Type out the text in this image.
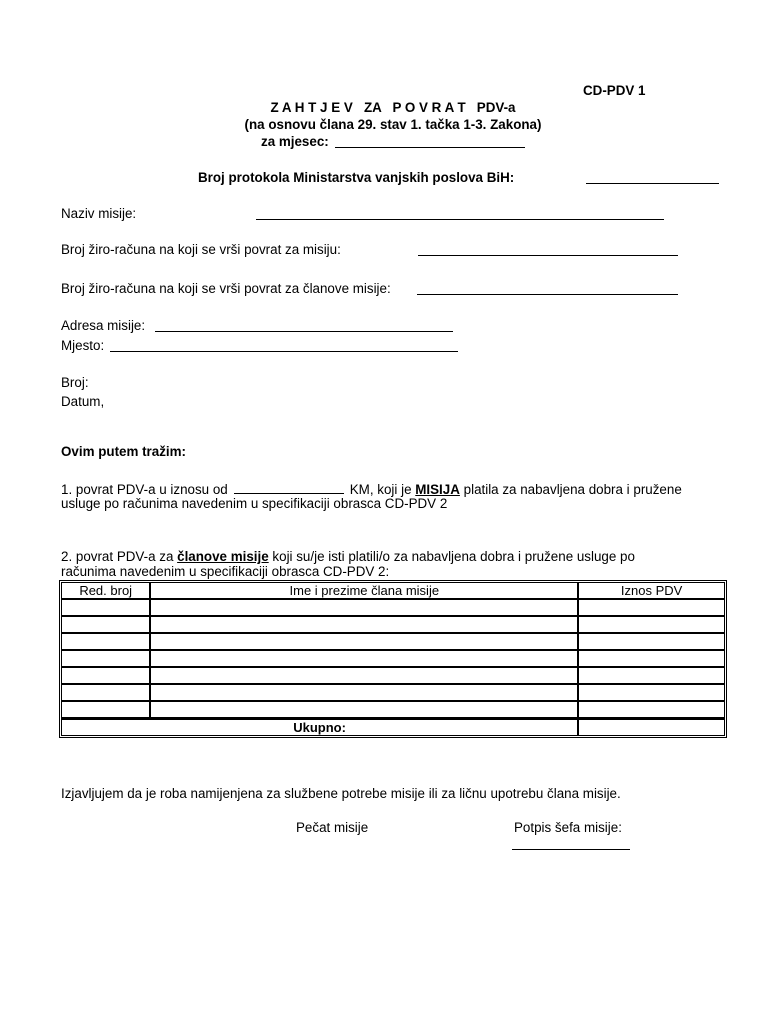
CD-PDV 1
Z A H T J E V   ZA   P O V R A T   PDV-a
(na osnovu člana 29. stav 1. tačka 1-3. Zakona)
za mjesec:
Broj protokola Ministarstva vanjskih poslova BiH:
Naziv misije:
Broj žiro-računa na koji se vrši povrat za misiju:
Broj žiro-računa na koji se vrši povrat za članove misije:
Adresa misije:
Mjesto:
Broj:
Datum,
Ovim putem tražim:
1. povrat PDV-a u iznosu od	KM, koji je MISIJA platila za nabavljena dobra i pružene
usluge po računima navedenim u specifikaciji obrasca CD-PDV 2
2. povrat PDV-a za članove misije koji su/je isti platili/o za nabavljena dobra i pružene usluge po
računima navedenim u specifikaciji obrasca CD-PDV 2:
Red. broj	Ime i prezime člana misije	Iznos PDV

Ukupno:		
Izjavljujem da je roba namijenjena za službene potrebe misije ili za ličnu upotrebu člana misije.
Pečat misije	Potpis šefa misije:
